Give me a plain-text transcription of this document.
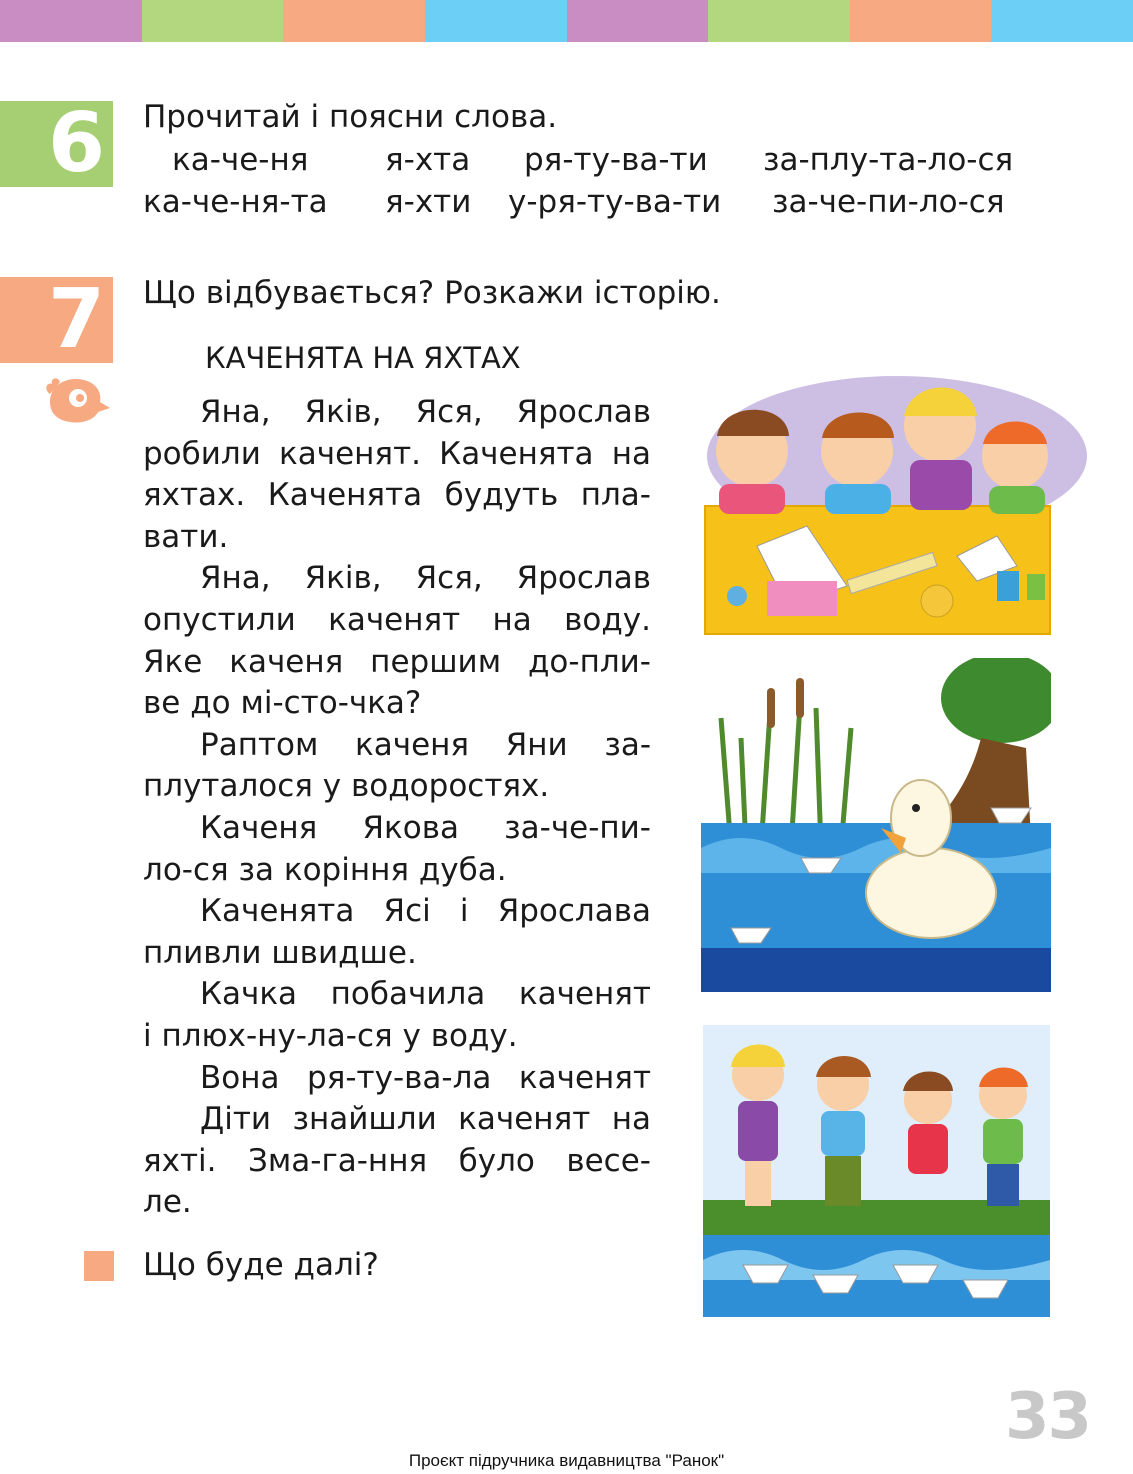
6 Прочитай і поясни слова.
ка-че-ня я-хта ря-ту-ва-ти за-плу-та-ло-ся
ка-че-ня-та я-хти у-ря-ту-ва-ти за-че-пи-ло-ся
7 Що відбувається? Розкажи історію.
КАЧЕНЯТА НА ЯХТАХ
Яна, Яків, Яся, Ярослав
робили каченят. Каченята на
яхтах. Каченята будуть пла-
вати.
Яна, Яків, Яся, Ярослав
опустили каченят на воду.
Яке каченя першим до-пли-
ве до мі-сто-чка?
Раптом каченя Яни за-
плуталося у водоростях.
Каченя Якова за-че-пи-
ло-ся за коріння дуба.
Каченята Ясі і Ярослава
пливли швидше.
Качка побачила каченят
і плюх-ну-ла-ся у воду.
Вона ря-ту-ва-ла каченят
Діти знайшли каченят на
яхті. Зма-га-ння було весе-
ле.
Що буде далі?
33
Проєкт підручника видавництва "Ранок"
